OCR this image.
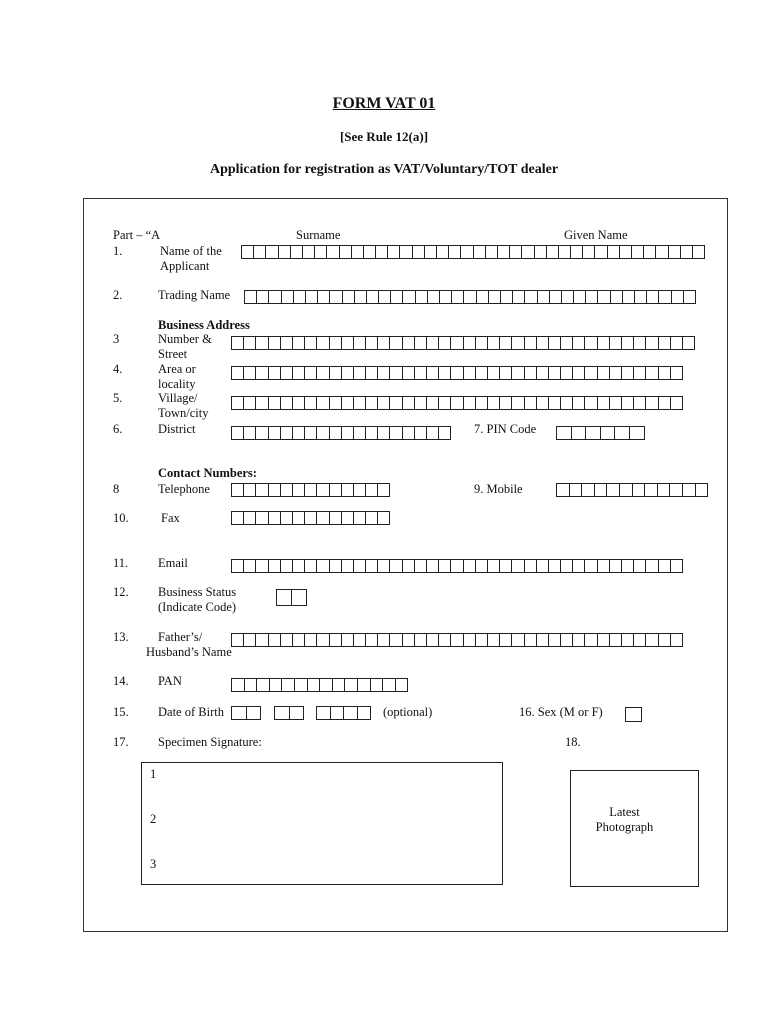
FORM VAT 01
[See Rule 12(a)]
Application for registration as VAT/Voluntary/TOT dealer
Part – “A	Surname	Given Name
1.	Name of the
Applicant
2.	Trading Name
Business Address
3	Number &
Street
4.	Area or
locality
5.	Village/
Town/city
6.	District	7. PIN Code
Contact Numbers:
8	Telephone	9. Mobile
10.	Fax
11. Email
12. Business Status
(Indicate Code)
13. Father’s/
Husband’s Name
14. PAN
15. Date of Birth	(optional)	16. Sex (M or F)
17. Specimen Signature:	18.
1
2
3
Latest
Photograph
